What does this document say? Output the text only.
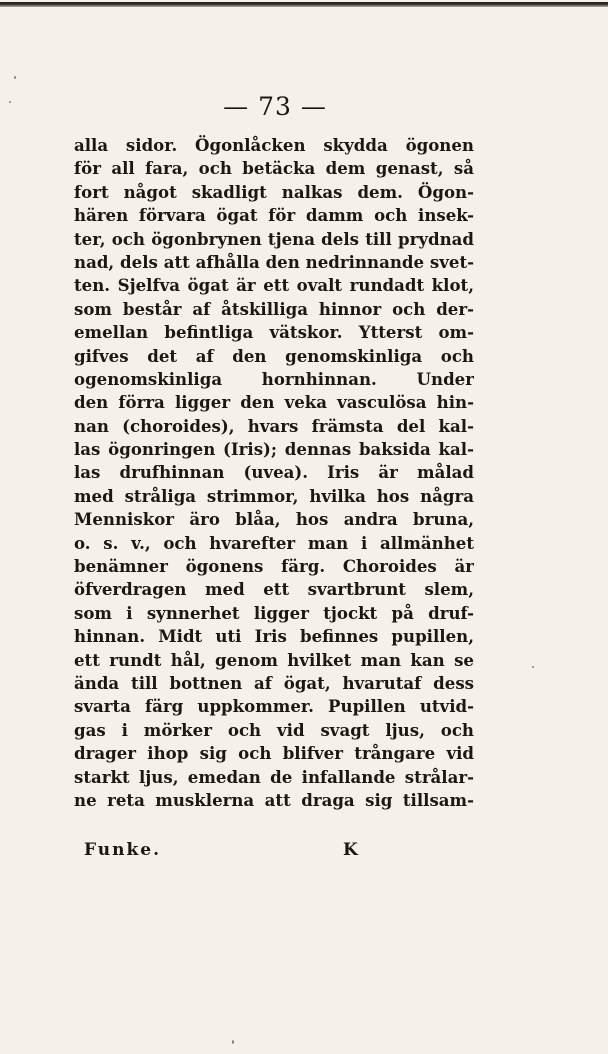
— 73 —
alla sidor. Ögonlåcken skydda ögonen
för all fara, och betäcka dem genast, så
fort något skadligt nalkas dem. Ögon-
hären förvara ögat för damm och insek-
ter, och ögonbrynen tjena dels till prydnad
nad, dels att afhålla den nedrinnande svet-
ten. Sjelfva ögat är ett ovalt rundadt klot,
som består af åtskilliga hinnor och der-
emellan befintliga vätskor. Ytterst om-
gifves det af den genomskinliga och
ogenomskinliga hornhinnan. Under
den förra ligger den veka vasculösa hin-
nan (choroides), hvars främsta del kal-
las ögonringen (Iris); dennas baksida kal-
las drufhinnan (uvea). Iris är målad
med stråliga strimmor, hvilka hos några
Menniskor äro blåa, hos andra bruna,
o. s. v., och hvarefter man i allmänhet
benämner ögonens färg. Choroides är
öfverdragen med ett svartbrunt slem,
som i synnerhet ligger tjockt på druf-
hinnan. Midt uti Iris befinnes pupillen,
ett rundt hål, genom hvilket man kan se
ända till bottnen af ögat, hvarutaf dess
svarta färg uppkommer. Pupillen utvid-
gas i mörker och vid svagt ljus, och
drager ihop sig och blifver trångare vid
starkt ljus, emedan de infallande strålar-
ne reta musklerna att draga sig tillsam-
Funke.	K
